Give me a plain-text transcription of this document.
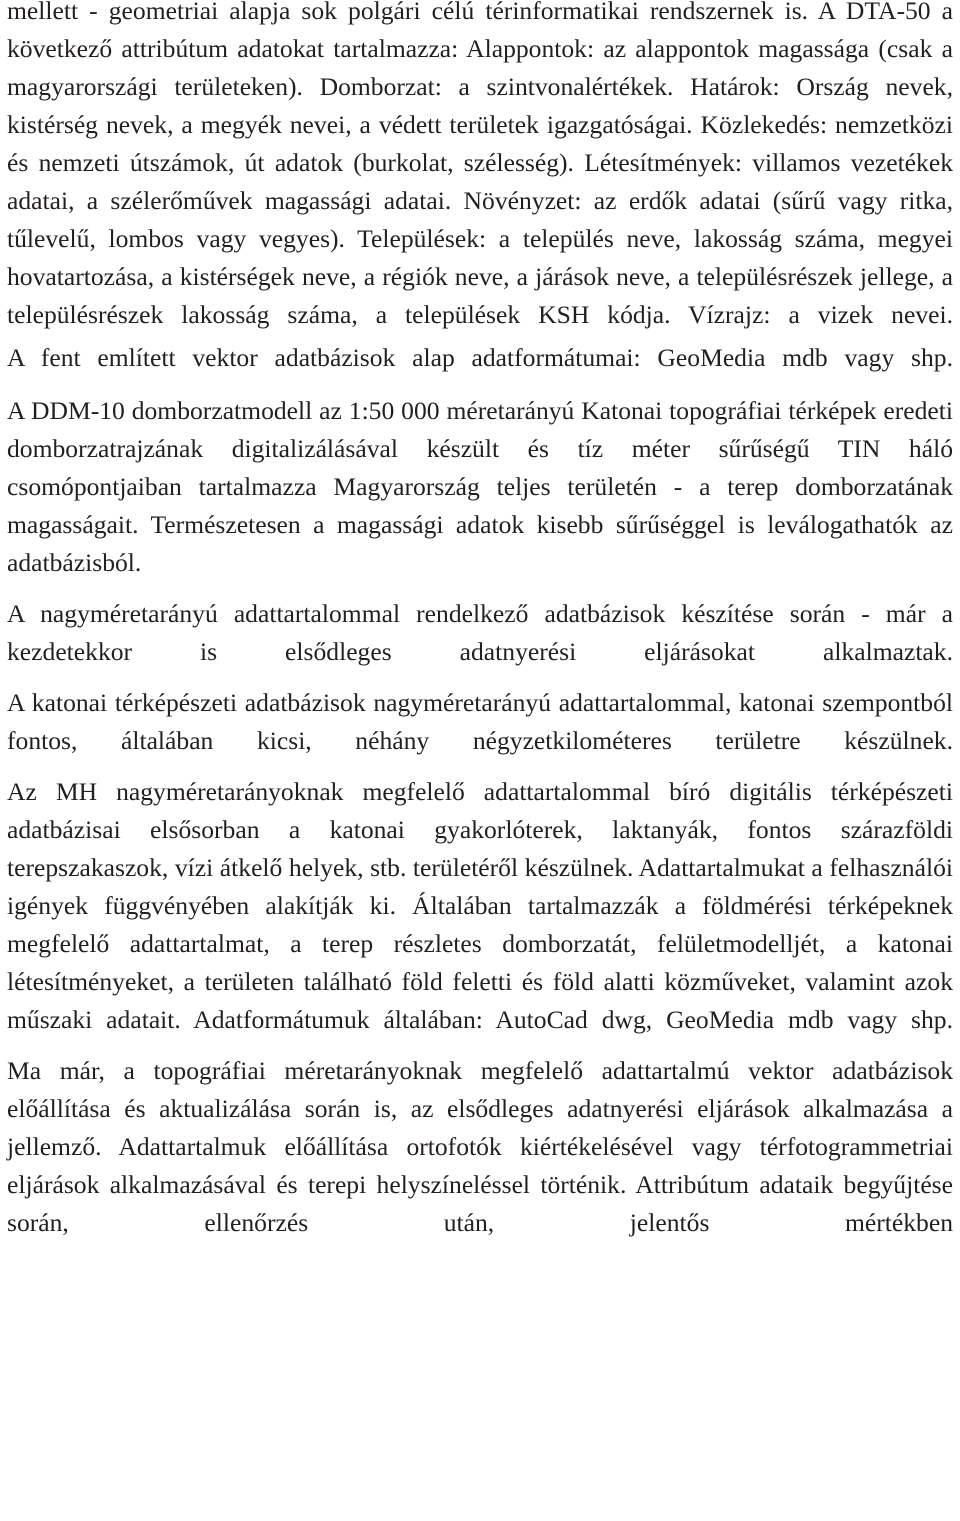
mellett - geometriai alapja sok polgári célú térinformatikai rendszernek is. A DTA-50 a következő attribútum adatokat tartalmazza: Alappontok: az alappontok magassága (csak a magyarországi területeken). Domborzat: a szintvonalértékek. Határok: Ország nevek, kistérség nevek, a megyék nevei, a védett területek igazgatóságai. Közlekedés: nemzetközi és nemzeti útszámok, út adatok (burkolat, szélesség). Létesítmények: villamos vezetékek adatai, a szélerőművek magassági adatai. Növényzet: az erdők adatai (sűrű vagy ritka, tűlevelű, lombos vagy vegyes). Települések: a település neve, lakosság száma, megyei hovatartozása, a kistérségek neve, a régiók neve, a járások neve, a településrészek jellege, a településrészek lakosság száma, a települések KSH kódja. Vízrajz: a vizek nevei.

A fent említett vektor adatbázisok alap adatformátumai: GeoMedia mdb vagy shp.

A DDM-10 domborzatmodell az 1:50 000 méretarányú Katonai topográfiai térképek eredeti domborzatrajzának digitalizálásával készült és tíz méter sűrűségű TIN háló csomópontjaiban tartalmazza Magyarország teljes területén - a terep domborzatának magasságait. Természetesen a magassági adatok kisebb sűrűséggel is leválogathatók az adatbázisból.

A nagyméretarányú adattartalommal rendelkező adatbázisok készítése során - már a kezdetekkor is elsődleges adatnyerési eljárásokat alkalmaztak.

A katonai térképészeti adatbázisok nagyméretarányú adattartalommal, katonai szempontból fontos, általában kicsi, néhány négyzetkilométeres területre készülnek.

Az MH nagyméretarányoknak megfelelő adattartalommal bíró digitális térképészeti adatbázisai elsősorban a katonai gyakorlóterek, laktanyák, fontos szárazföldi terepszakaszok, vízi átkelő helyek, stb. területéről készülnek. Adattartalmukat a felhasználói igények függvényében alakítják ki. Általában tartalmazzák a földmérési térképeknek megfelelő adattartalmat, a terep részletes domborzatát, felületmodelljét, a katonai létesítményeket, a területen található föld feletti és föld alatti közműveket, valamint azok műszaki adatait. Adatformátumuk általában: AutoCad dwg, GeoMedia mdb vagy shp.

Ma már, a topográfiai méretarányoknak megfelelő adattartalmú vektor adatbázisok előállítása és aktualizálása során is, az elsődleges adatnyerési eljárások alkalmazása a jellemző. Adattartalmuk előállítása ortofotók kiértékelésével vagy térfotogrammetriai eljárások alkalmazásával és terepi helyszíneléssel történik. Attribútum adataik begyűjtése során, ellenőrzés után, jelentős mértékben
